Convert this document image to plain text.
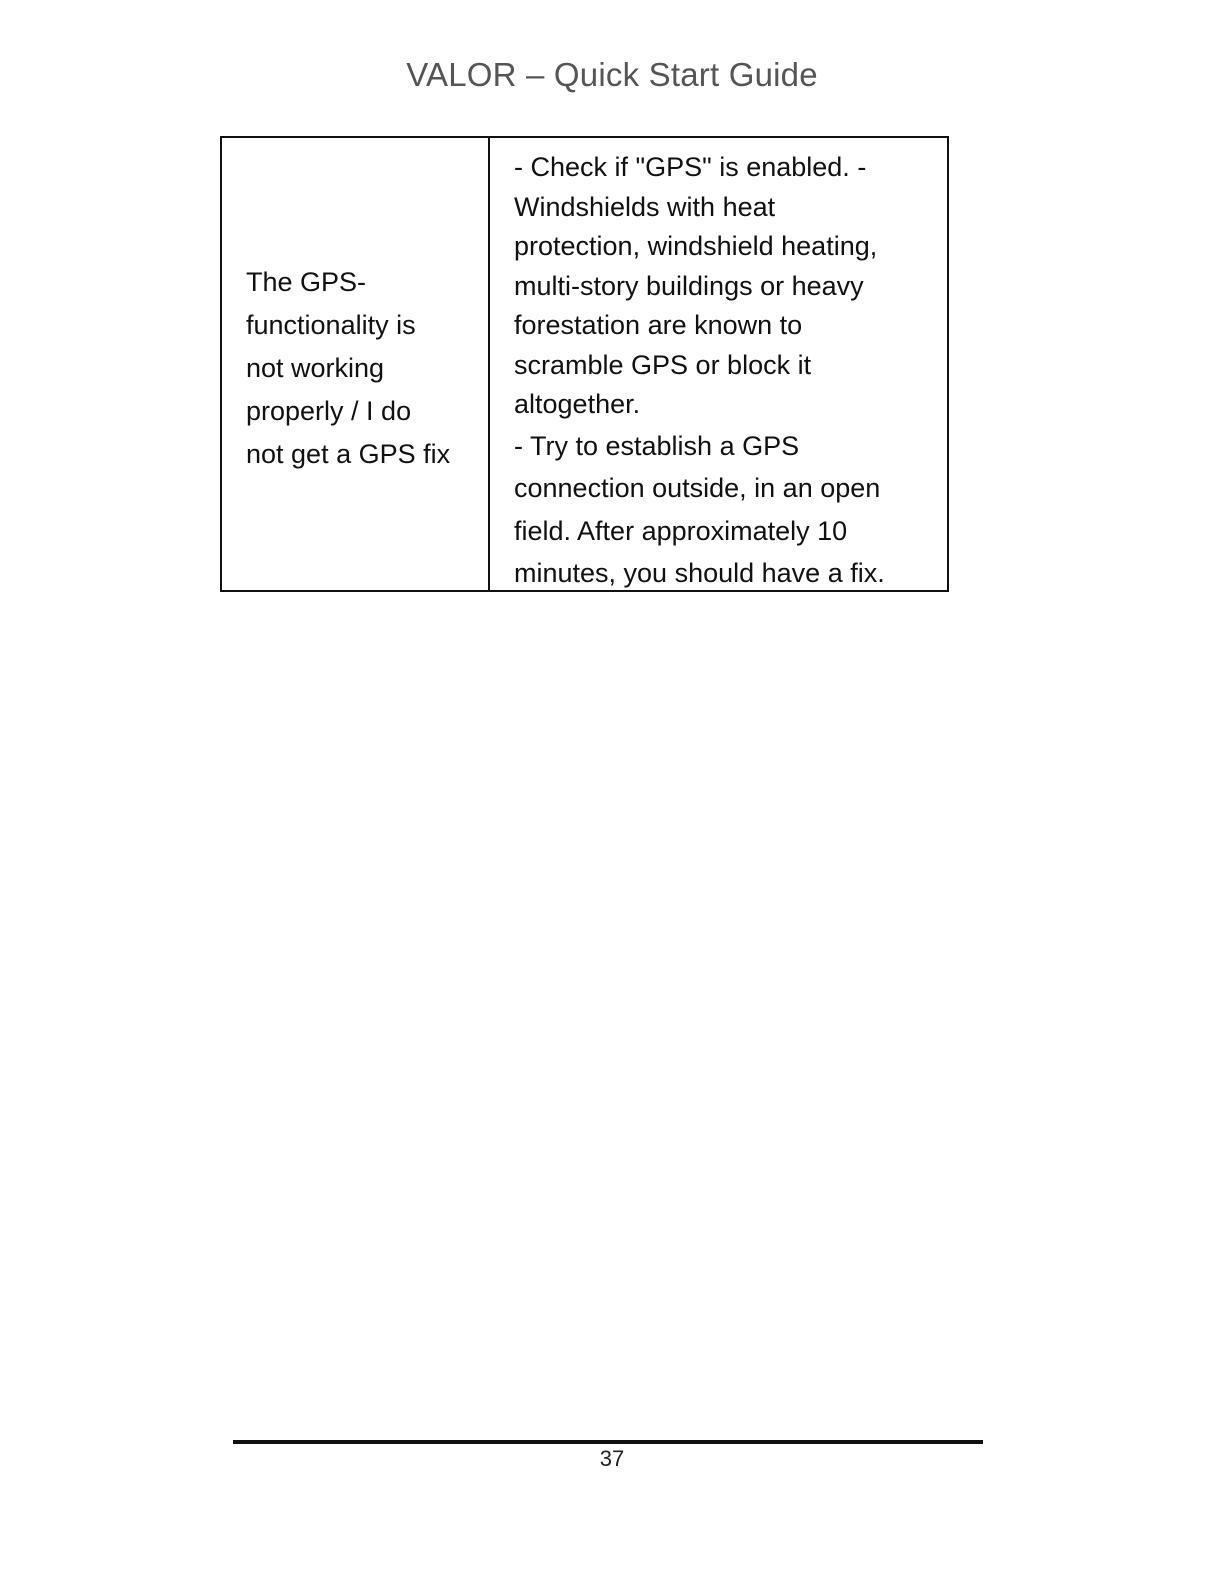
VALOR – Quick Start Guide
The GPS-
functionality is
not working
properly / I do
not get a GPS fix
- Check if "GPS" is enabled. -
Windshields with heat
protection, windshield heating,
multi-story buildings or heavy
forestation are known to
scramble GPS or block it
altogether.
- Try to establish a GPS
connection outside, in an open
field. After approximately 10
minutes, you should have a fix.
37
